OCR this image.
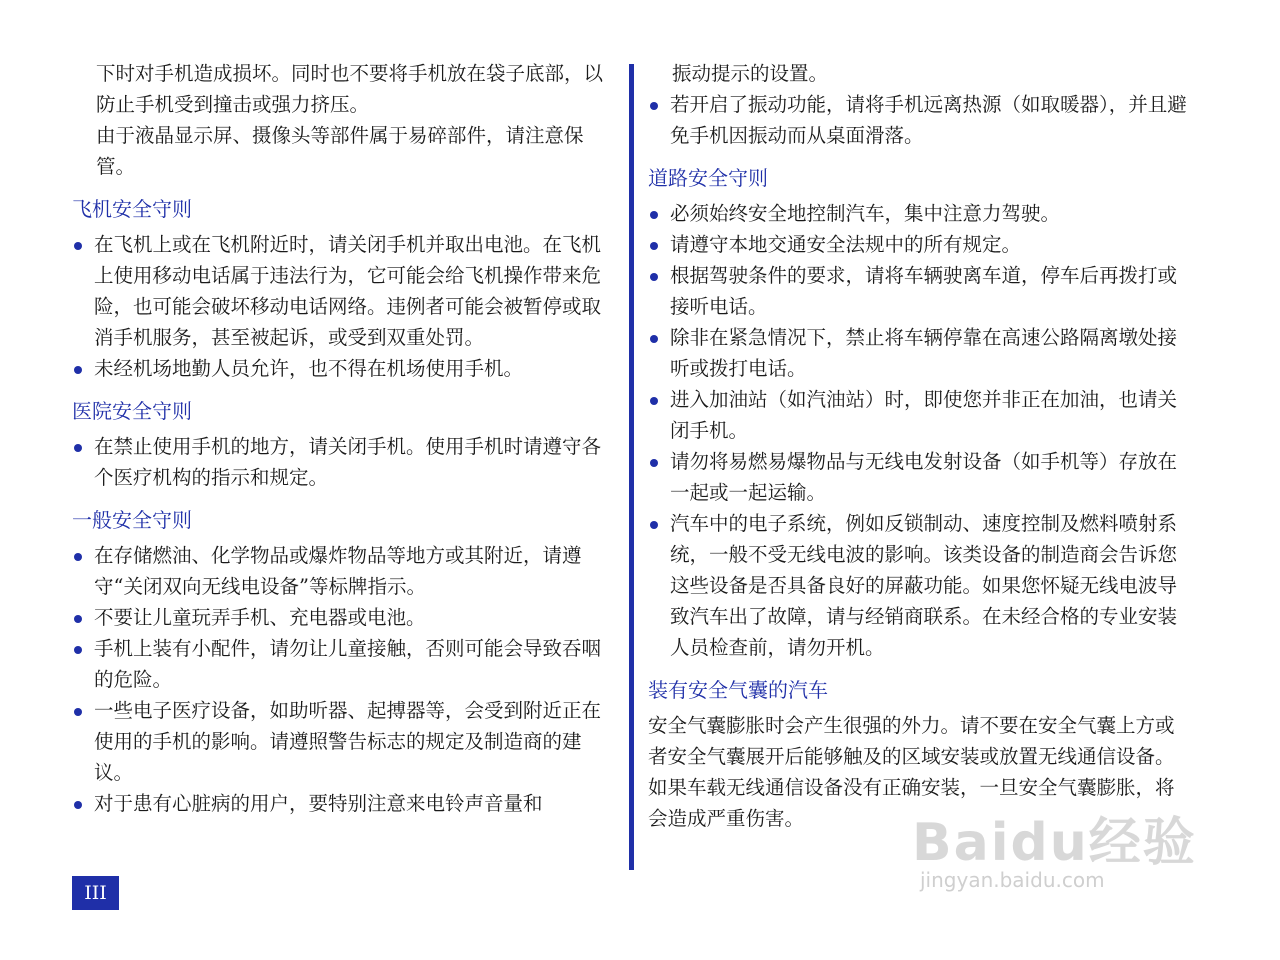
下时对手机造成损坏。同时也不要将手机放在袋子底部，以防止手机受到撞击或强力挤压。

由于液晶显示屏、摄像头等部件属于易碎部件，请注意保管。

飞机安全守则
在飞机上或在飞机附近时，请关闭手机并取出电池。在飞机上使用移动电话属于违法行为，它可能会给飞机操作带来危险，也可能会破坏移动电话网络。违例者可能会被暂停或取消手机服务，甚至被起诉，或受到双重处罚。
未经机场地勤人员允许，也不得在机场使用手机。
医院安全守则
在禁止使用手机的地方，请关闭手机。使用手机时请遵守各个医疗机构的指示和规定。
一般安全守则
在存储燃油、化学物品或爆炸物品等地方或其附近，请遵守“关闭双向无线电设备”等标牌指示。
不要让儿童玩弄手机、充电器或电池。
手机上装有小配件，请勿让儿童接触，否则可能会导致吞咽的危险。
一些电子医疗设备，如助听器、起搏器等，会受到附近正在使用的手机的影响。请遵照警告标志的规定及制造商的建议。
对于患有心脏病的用户，要特别注意来电铃声音量和

振动提示的设置。

若开启了振动功能，请将手机远离热源（如取暖器），并且避免手机因振动而从桌面滑落。
道路安全守则
必须始终安全地控制汽车，集中注意力驾驶。
请遵守本地交通安全法规中的所有规定。
根据驾驶条件的要求，请将车辆驶离车道，停车后再拨打或接听电话。
除非在紧急情况下，禁止将车辆停靠在高速公路隔离墩处接听或拨打电话。
进入加油站（如汽油站）时，即使您并非正在加油，也请关闭手机。
请勿将易燃易爆物品与无线电发射设备（如手机等）存放在一起或一起运输。
汽车中的电子系统，例如反锁制动、速度控制及燃料喷射系统，一般不受无线电波的影响。该类设备的制造商会告诉您这些设备是否具备良好的屏蔽功能。如果您怀疑无线电波导致汽车出了故障，请与经销商联系。在未经合格的专业安装人员检查前，请勿开机。
装有安全气囊的汽车

安全气囊膨胀时会产生很强的外力。请不要在安全气囊上方或者安全气囊展开后能够触及的区域安装或放置无线通信设备。如果车载无线通信设备没有正确安装，一旦安全气囊膨胀，将会造成严重伤害。

III
Baidu经验
jingyan.baidu.com
